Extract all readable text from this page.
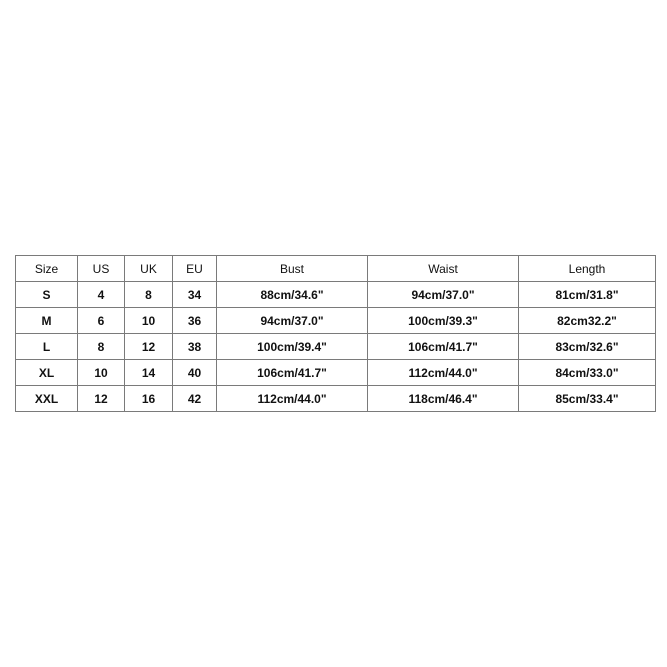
Size	US	UK	EU	Bust	Waist	Length
S	4	8	34	88cm/34.6"	94cm/37.0"	81cm/31.8"
M	6	10	36	94cm/37.0"	100cm/39.3"	82cm32.2"
L	8	12	38	100cm/39.4"	106cm/41.7"	83cm/32.6"
XL	10	14	40	106cm/41.7"	112cm/44.0"	84cm/33.0"
XXL	12	16	42	112cm/44.0"	118cm/46.4"	85cm/33.4"
